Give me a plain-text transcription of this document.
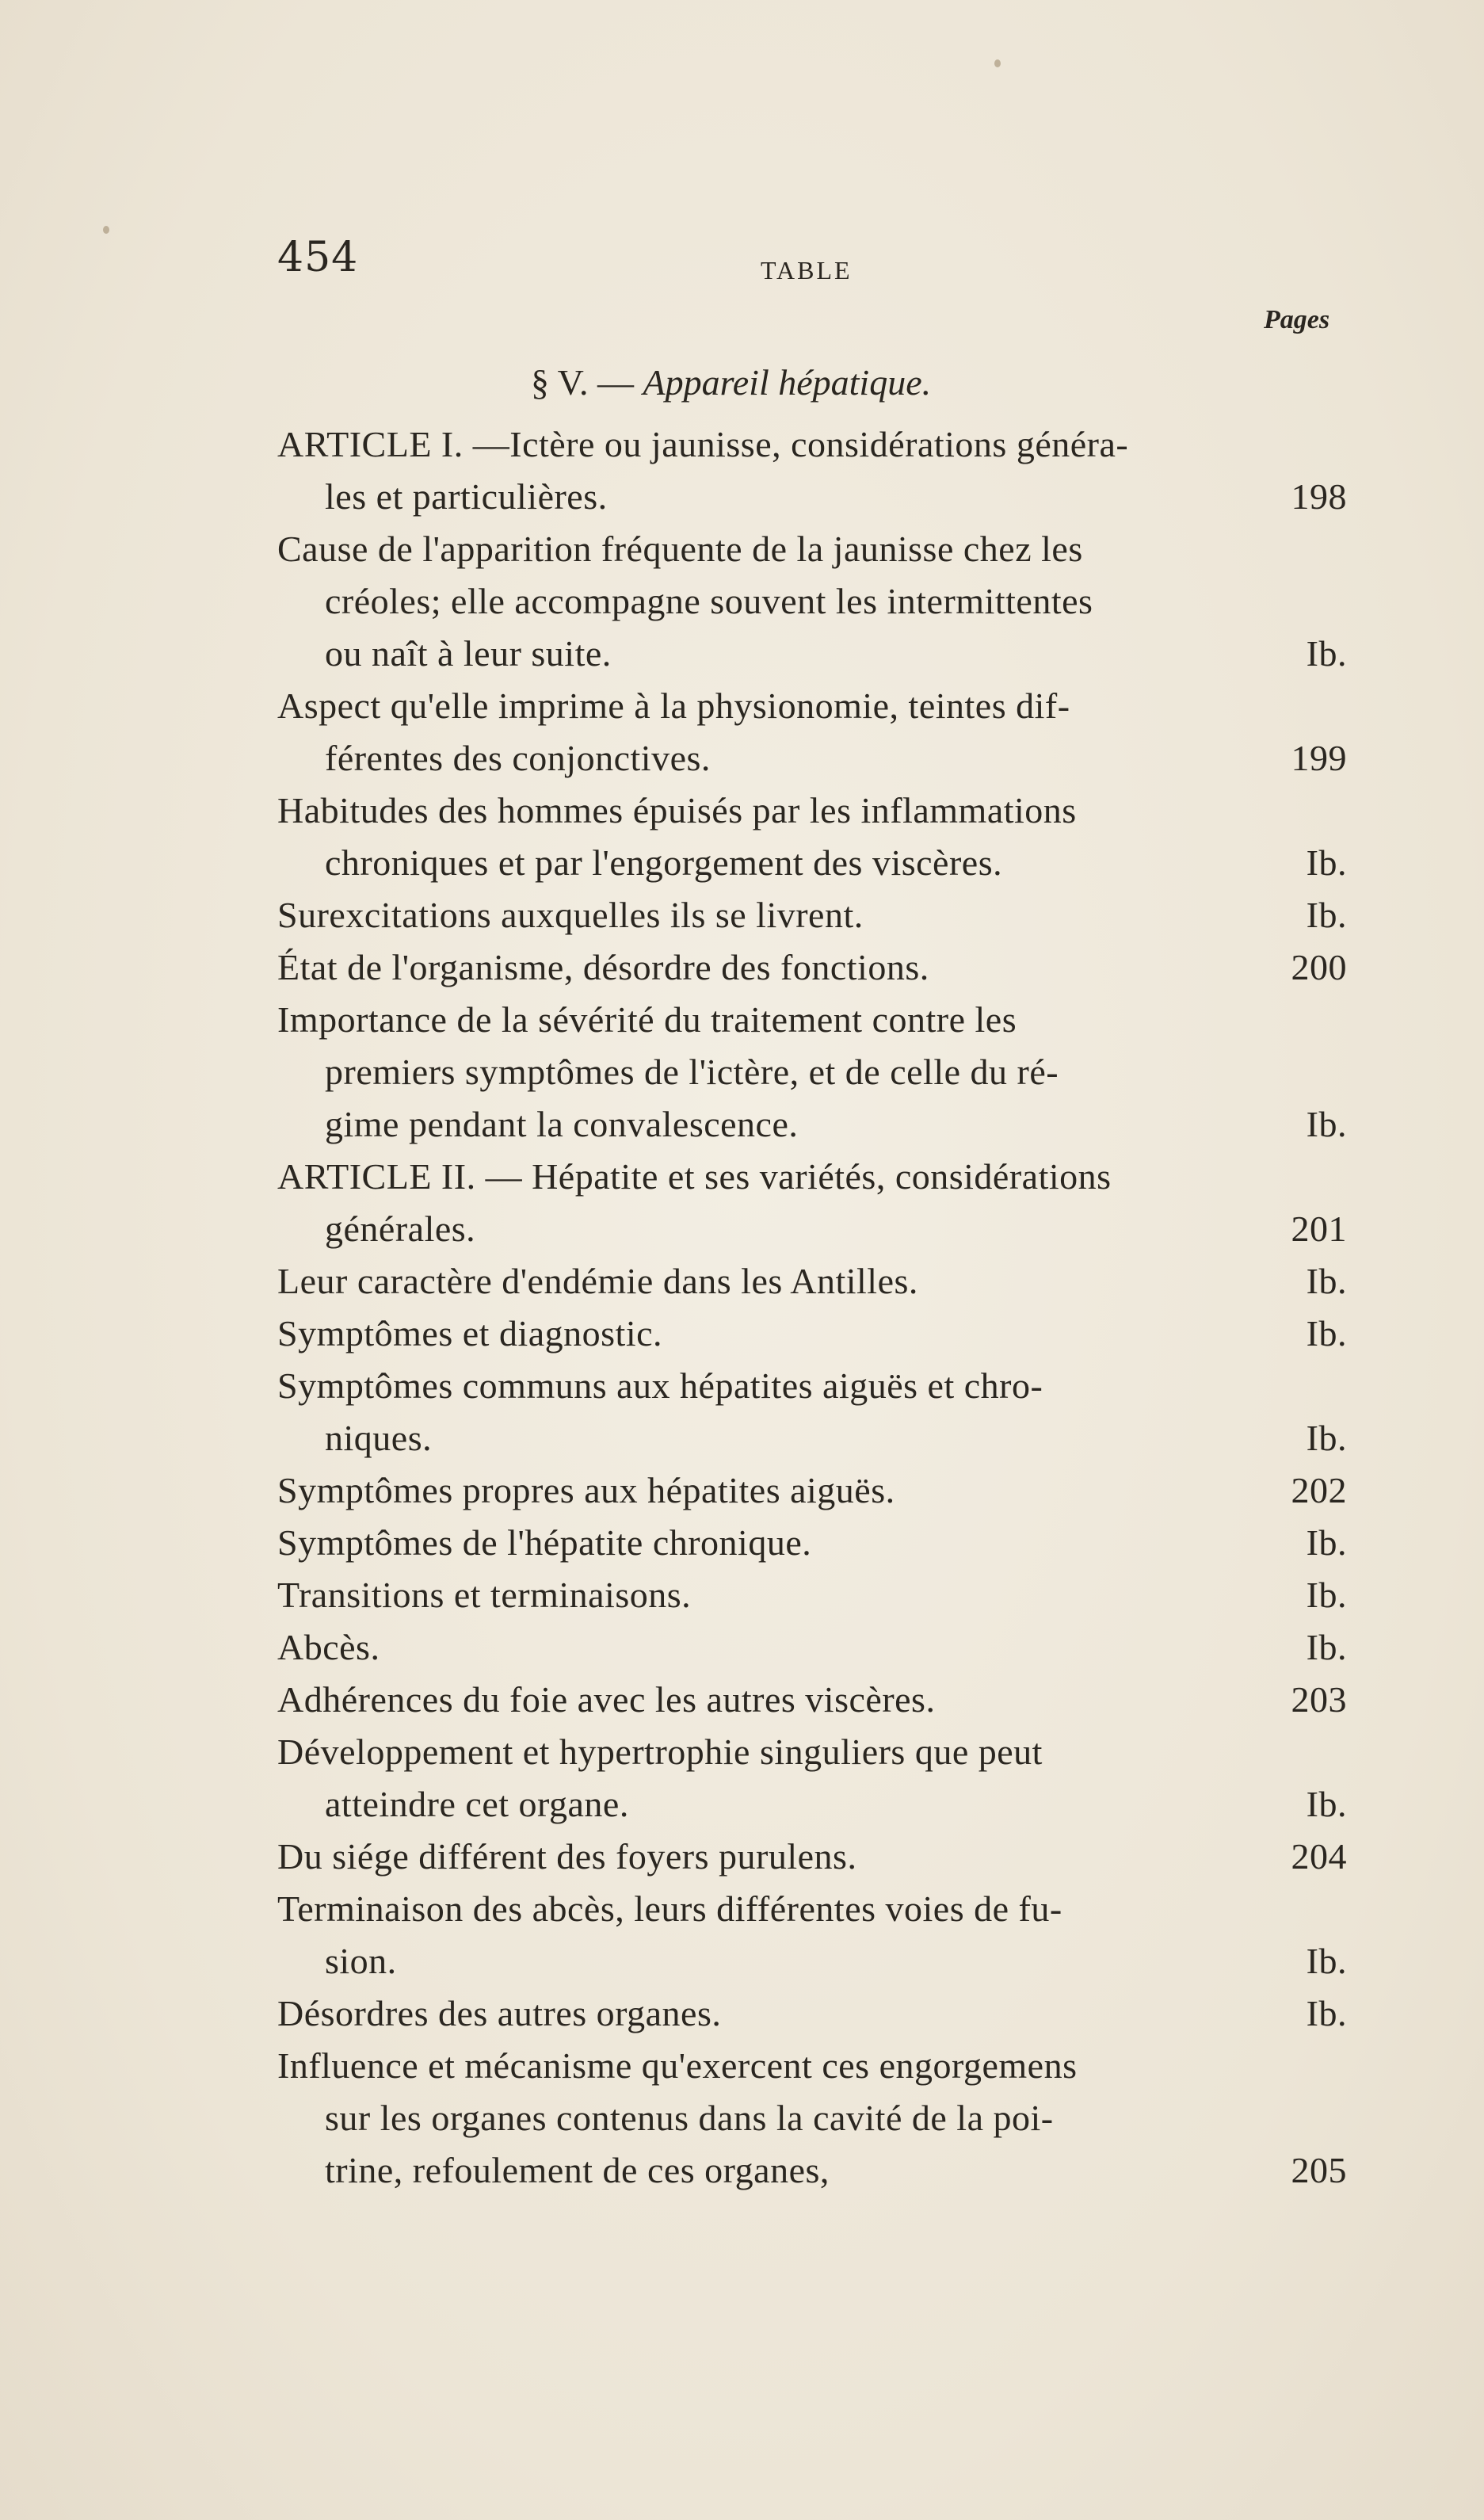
454	TABLE
Pages
§ V. — Appareil hépatique.
ARTICLE I. —Ictère ou jaunisse, considérations généra-
les et particulières.	198
Cause de l'apparition fréquente de la jaunisse chez les
créoles; elle accompagne souvent les intermittentes
ou naît à leur suite.	Ib.
Aspect qu'elle imprime à la physionomie, teintes dif-
férentes des conjonctives.	199
Habitudes des hommes épuisés par les inflammations
chroniques et par l'engorgement des viscères.	Ib.
Surexcitations auxquelles ils se livrent.	Ib.
État de l'organisme, désordre des fonctions.	200
Importance de la sévérité du traitement contre les
premiers symptômes de l'ictère, et de celle du ré-
gime pendant la convalescence.	Ib.
ARTICLE II. — Hépatite et ses variétés, considérations
générales.	201
Leur caractère d'endémie dans les Antilles.	Ib.
Symptômes et diagnostic.	Ib.
Symptômes communs aux hépatites aiguës et chro-
niques.	Ib.
Symptômes propres aux hépatites aiguës.	202
Symptômes de l'hépatite chronique.	Ib.
Transitions et terminaisons.	Ib.
Abcès.	Ib.
Adhérences du foie avec les autres viscères.	203
Développement et hypertrophie singuliers que peut
atteindre cet organe.	Ib.
Du siége différent des foyers purulens.	204
Terminaison des abcès, leurs différentes voies de fu-
sion.	Ib.
Désordres des autres organes.	Ib.
Influence et mécanisme qu'exercent ces engorgemens
sur les organes contenus dans la cavité de la poi-
trine, refoulement de ces organes,	205
